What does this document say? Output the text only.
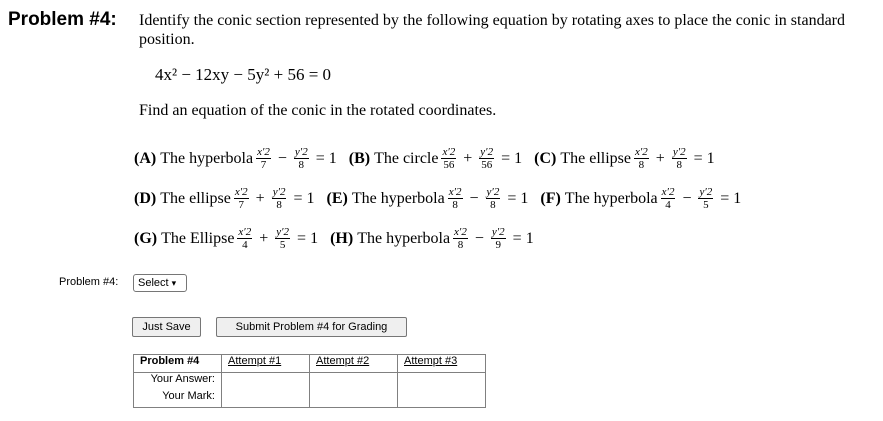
Problem #4: Identify the conic section represented by the following equation by rotating axes to place the conic in standard position.
4x² − 12xy − 5y² + 56 = 0
Find an equation of the conic in the rotated coordinates.
(A) The hyperbola $\frac{x'2}{7} - \frac{y'2}{8} = 1$ (B) The circle $\frac{x'2}{56} + \frac{y'2}{56} = 1$ (C) The ellipse $\frac{x'2}{8} + \frac{y'2}{8} = 1$
(D) The ellipse $\frac{x'2}{7} + \frac{y'2}{8} = 1$ (E) The hyperbola $\frac{x'2}{8} - \frac{y'2}{8} = 1$ (F) The hyperbola $\frac{x'2}{4} - \frac{y'2}{5} = 1$
(G) The Ellipse $\frac{x'2}{4} + \frac{y'2}{5} = 1$ (H) The hyperbola $\frac{x'2}{8} - \frac{y'2}{9} = 1$
Problem #4: Select ▾
Just Save	Submit Problem #4 for Grading
Problem #4	Attempt #1	Attempt #2	Attempt #3
Your Answer:			
Your Mark:			
